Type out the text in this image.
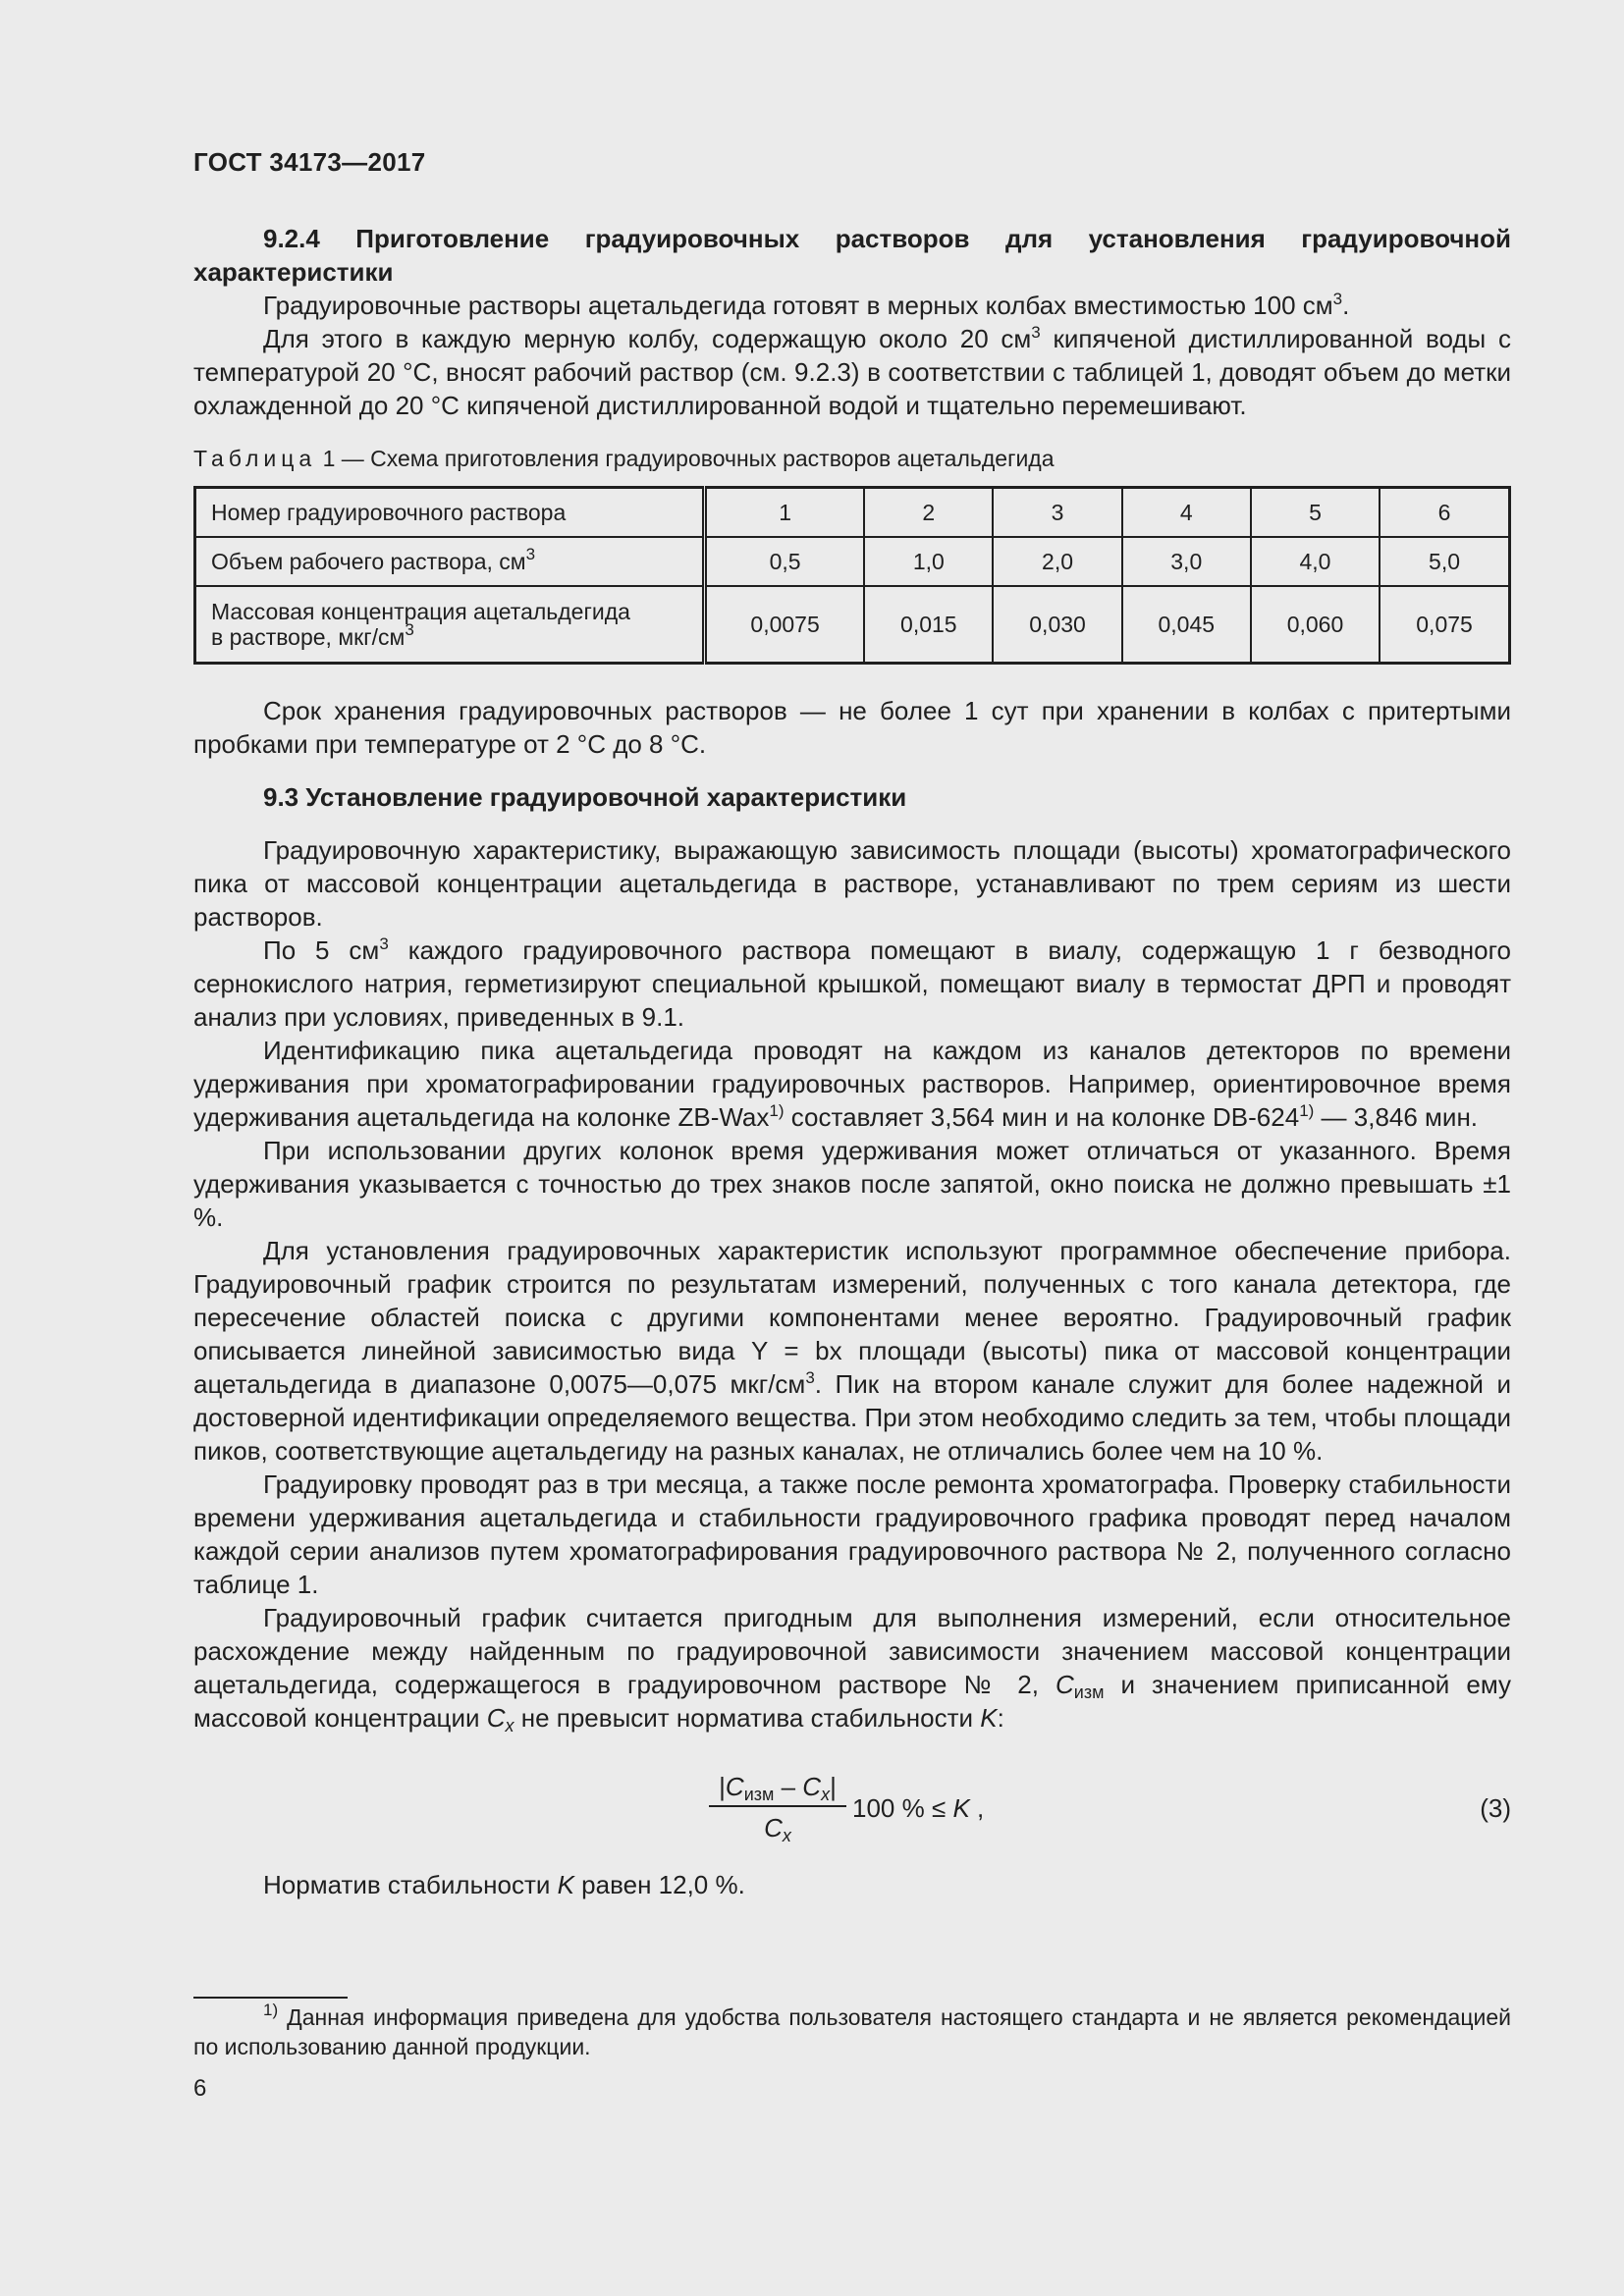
ГОСТ 34173—2017

9.2.4 Приготовление градуировочных растворов для установления градуировочной характеристики

Градуировочные растворы ацетальдегида готовят в мерных колбах вместимостью 100 $см^3$.

Для этого в каждую мерную колбу, содержащую около 20 $см^3$ кипяченой дистиллированной воды с температурой 20 °С, вносят рабочий раствор (см. 9.2.3) в соответствии с таблицей 1, доводят объем до метки охлажденной до 20 °С кипяченой дистиллированной водой и тщательно перемешивают.

Таблица 1 — Схема приготовления градуировочных растворов ацетальдегида

Номер градуировочного раствора	1	2	3	4	5	6
Объем рабочего раствора, $см^3$	0,5	1,0	2,0	3,0	4,0	5,0
Массовая концентрация ацетальдегида
в растворе, мкг/$см^3$	0,0075	0,015	0,030	0,045	0,060	0,075

Срок хранения градуировочных растворов — не более 1 сут при хранении в колбах с притертыми пробками при температуре от 2 °С до 8 °С.

9.3 Установление градуировочной характеристики

Градуировочную характеристику, выражающую зависимость площади (высоты) хроматографического пика от массовой концентрации ацетальдегида в растворе, устанавливают по трем сериям из шести растворов.

По 5 $см^3$ каждого градуировочного раствора помещают в виалу, содержащую 1 г безводного сернокислого натрия, герметизируют специальной крышкой, помещают виалу в термостат ДРП и проводят анализ при условиях, приведенных в 9.1.

Идентификацию пика ацетальдегида проводят на каждом из каналов детекторов по времени удерживания при хроматографировании градуировочных растворов. Например, ориентировочное время удерживания ацетальдегида на колонке ZB-Wax$^{1)}$ составляет 3,564 мин и на колонке DB-624$^{1)}$ — 3,846 мин.

При использовании других колонок время удерживания может отличаться от указанного. Время удерживания указывается с точностью до трех знаков после запятой, окно поиска не должно превышать ±1 %.

Для установления градуировочных характеристик используют программное обеспечение прибора. Градуировочный график строится по результатам измерений, полученных с того канала детектора, где пересечение областей поиска с другими компонентами менее вероятно. Градуировочный график описывается линейной зависимостью вида Y = bx площади (высоты) пика от массовой концентрации ацетальдегида в диапазоне 0,0075—0,075 мкг/$см^3$. Пик на втором канале служит для более надежной и достоверной идентификации определяемого вещества. При этом необходимо следить за тем, чтобы площади пиков, соответствующие ацетальдегиду на разных каналах, не отличались более чем на 10 %.

Градуировку проводят раз в три месяца, а также после ремонта хроматографа. Проверку стабильности времени удерживания ацетальдегида и стабильности градуировочного графика проводят перед началом каждой серии анализов путем хроматографирования градуировочного раствора № 2, полученного согласно таблице 1.

Градуировочный график считается пригодным для выполнения измерений, если относительное расхождение между найденным по градуировочной зависимости значением массовой концентрации ацетальдегида, содержащегося в градуировочном растворе № 2, $C_{изм}$ и значением приписанной ему массовой концентрации $C_x$ не превысит норматива стабильности K:

$|C_{изм} - C_x|$
$C_x$
100 % ≤ K ,	(3)

Норматив стабильности K равен 12,0 %.

$^{1)}$ Данная информация приведена для удобства пользователя настоящего стандарта и не является рекомендацией по использованию данной продукции.

6
